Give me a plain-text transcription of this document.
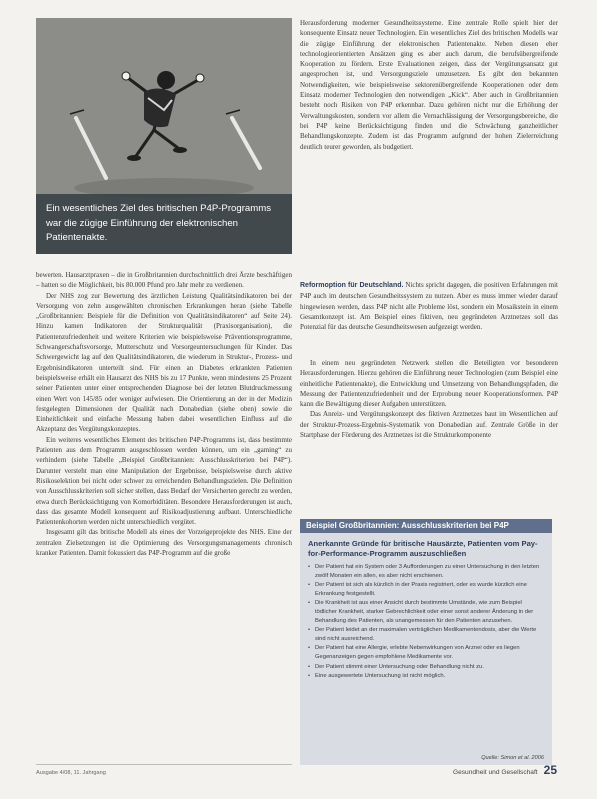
Ein wesentliches Ziel des britischen P4P-Programms war die zügige Einführung der elektronischen Patientenakte.

bewerten. Hausarztpraxen – die in Großbritannien durchschnittlich drei Ärzte beschäftigen – hatten so die Möglichkeit, bis 80.000 Pfund pro Jahr mehr zu verdienen.

Der NHS zog zur Bewertung des ärztlichen Leistung Qualitätsindikatoren bei der Versorgung von zehn ausgewählten chronischen Erkrankungen heran (siehe Tabelle „Großbritannien: Beispiele für die Definition von Qualitätsindikatoren“ auf Seite 24). Hinzu kamen Indikatoren der Strukturqualität (Praxisorganisation), die Patientenzufriedenheit und weitere Kriterien wie beispielsweise Präventionsprogramme, Schwangerschaftsvorsorge, Mutterschutz und Vorsorgeuntersuchungen für Kinder. Das Schwergewicht lag auf den Qualitätsindikatoren, die wiederum in Struktur-, Prozess- und Ergebnisindikatoren unterteilt sind. Für einen an Diabetes erkrankten Patienten beispielsweise erhält ein Hausarzt des NHS bis zu 17 Punkte, wenn mindestens 25 Prozent seiner Patienten unter einer entsprechenden Diagnose bei der letzten Blutdruckmessung einen Wert von 145/85 oder weniger aufwiesen. Die Orientierung an der in der Medizin festgelegten Dimensionen der Qualität nach Donabedian (siehe oben) sowie die Einheitlichkeit und einfache Messung haben dabei wesentlichen Einfluss auf die Akzeptanz des Vergütungskonzeptes.

Ein weiteres wesentliches Element des britischen P4P-Programms ist, dass bestimmte Patienten aus dem Programm ausgeschlossen werden können, um ein „gaming“ zu verhindern (siehe Tabelle „Beispiel Großbritannien: Ausschlusskriterien bei P4P“). Darunter versteht man eine Manipulation der Ergebnisse, beispielsweise durch aktive Risikoselektion bei nicht oder schwer zu erreichenden Behandlungszielen. Die Definition von Ausschlusskriterien soll sicher stellen, dass Bedarf der Versicherten gerecht zu werden, etwa durch Berücksichtigung von Komorbiditäten. Besondere Herausforderungen ist auch, dass das gesamte Modell konsequent auf Risikoadjustierung aufbaut. Unterschiedliche Patientenkohorten werden nicht unterschiedlich vergütet.

Insgesamt gilt das britische Modell als eines der Vorzeigeprojekte des NHS. Eine der zentralen Zielsetzungen ist die Optimierung des Versorgungsmanagements chronisch kranker Patienten. Damit fokussiert das P4P-Programm auf die große

Herausforderung moderner Gesundheitssysteme. Eine zentrale Rolle spielt hier der konsequente Einsatz neuer Technologien. Ein wesentliches Ziel des britischen Modells war die zügige Einführung der elektronischen Patientenakte. Neben diesen eher technologieorientierten Ansätzen ging es aber auch darum, die berufsübergreifende Kooperation zu fördern. Erste Evaluationen zeigen, dass der Vergütungsansatz gut angesprochen ist, und Versorgungsziele umzusetzen. Es gibt den bekannten Notwendigkeiten, wie beispielsweise sektorenübergreifende Kooperationen oder dem Einsatz moderner Technologien den notwendigen „Kick“. Aber auch in Großbritannien besteht noch Risiken von P4P erkennbar. Dazu gehören nicht nur die Erhöhung der Verwaltungskosten, sondern vor allem die Vernachlässigung der Versorgungsbereiche, die bei P4P keine Berücksichtigung finden und die Schwächung ganzheitlicher Behandlungskonzepte. Zudem ist das Programm aufgrund der hohen Zielerreichung deutlich teurer geworden, als budgetiert.

Reformoption für Deutschland. Nichts spricht dagegen, die positiven Erfahrungen mit P4P auch im deutschen Gesundheitssystem zu nutzen. Aber es muss immer wieder darauf hingewiesen werden, dass P4P nicht alle Probleme löst, sondern ein Mosaikstein in einem Gesamtkonzept ist. Am Beispiel eines fiktiven, neu gegründeten Arztnetzes soll das Potenzial für das deutsche Gesundheitswesen aufgezeigt werden.

In einem neu gegründeten Netzwerk stellen die Beteiligten vor besonderen Herausforderungen. Hierzu gehören die Einführung neuer Technologien (zum Beispiel eine einheitliche Patientenakte), die Entwicklung und Umsetzung von Behandlungspfaden, die Messung der Patientenzufriedenheit und der Erprobung neuer Kooperationsformen. P4P kann die Bewältigung dieser Aufgaben unterstützen.

Das Anreiz- und Vergütungskonzept des fiktiven Arztnetzes baut im Wesentlichen auf der Struktur-Prozess-Ergebnis-Systematik von Donabedian auf. Zentrale Größe in der Startphase der Förderung des Arztnetzes ist die Strukturkomponente

Beispiel Großbritannien: Ausschlusskriterien bei P4P
Anerkannte Gründe für britische Hausärzte, Patienten vom Pay-for-Performance-Programm auszuschließen
• Der Patient hat ein System oder 3 Aufforderungen zu einer Untersuchung in den letzten zwölf Monaten ein allen, es aber nicht erschienen.
• Der Patient ist sich als kürzlich in der Praxis registriert, oder es wurde kürzlich eine Erkrankung festgestellt.
• Die Krankheit ist aus einer Ansicht durch bestimmte Umstände, wie zum Beispiel tödlicher Krankheit, starker Gebrechlichkeit oder einer sonst anderer Änderung in der Behandlung des Patienten, als unangemessen für den Patienten anzusehen.
• Der Patient leidet an der maximalen verträglichen Medikamentendosis, aber die Werte sind nicht ausreichend.
• Der Patient hat eine Allergie, erlebte Nebenwirkungen von Arznei oder es liegen Gegenanzeigen gegen empfohlene Medikamente vor.
• Der Patient stimmt einer Untersuchung oder Behandlung nicht zu.
• Eine ausgewertete Untersuchung ist nicht möglich.
Quelle: Simon et al. 2006
Ausgabe 4/08, 11. Jahrgang	Gesundheit und Gesellschaft 25
